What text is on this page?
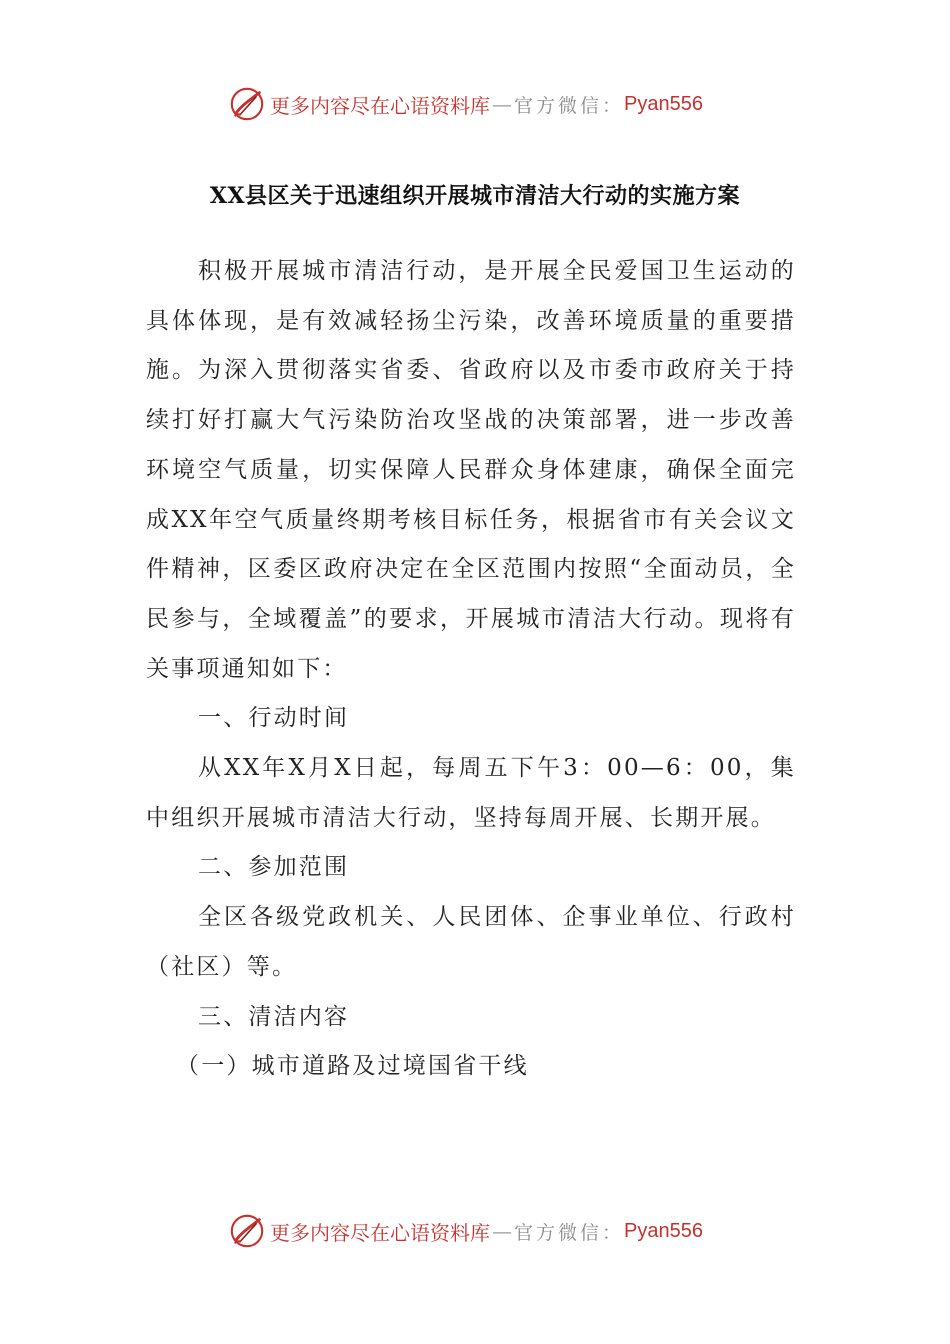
更多内容尽在心语资料库 — 官方微信： Pyan556
XX县区关于迅速组织开展城市清洁大行动的实施方案

积极开展城市清洁行动，是开展全民爱国卫生运动的具体体现，是有效减轻扬尘污染，改善环境质量的重要措施。为深入贯彻落实省委、省政府以及市委市政府关于持续打好打赢大气污染防治攻坚战的决策部署，进一步改善环境空气质量，切实保障人民群众身体建康，确保全面完成XX年空气质量终期考核目标任务，根据省市有关会议文件精神，区委区政府决定在全区范围内按照“全面动员，全民参与，全域覆盖”的要求，开展城市清洁大行动。现将有关事项通知如下：

一、行动时间

从XX年X月X日起，每周五下午3：00—6：00，集中组织开展城市清洁大行动，坚持每周开展、长期开展。

二、参加范围

全区各级党政机关、人民团体、企事业单位、行政村（社区）等。

三、清洁内容

（一）城市道路及过境国省干线

更多内容尽在心语资料库 — 官方微信： Pyan556
